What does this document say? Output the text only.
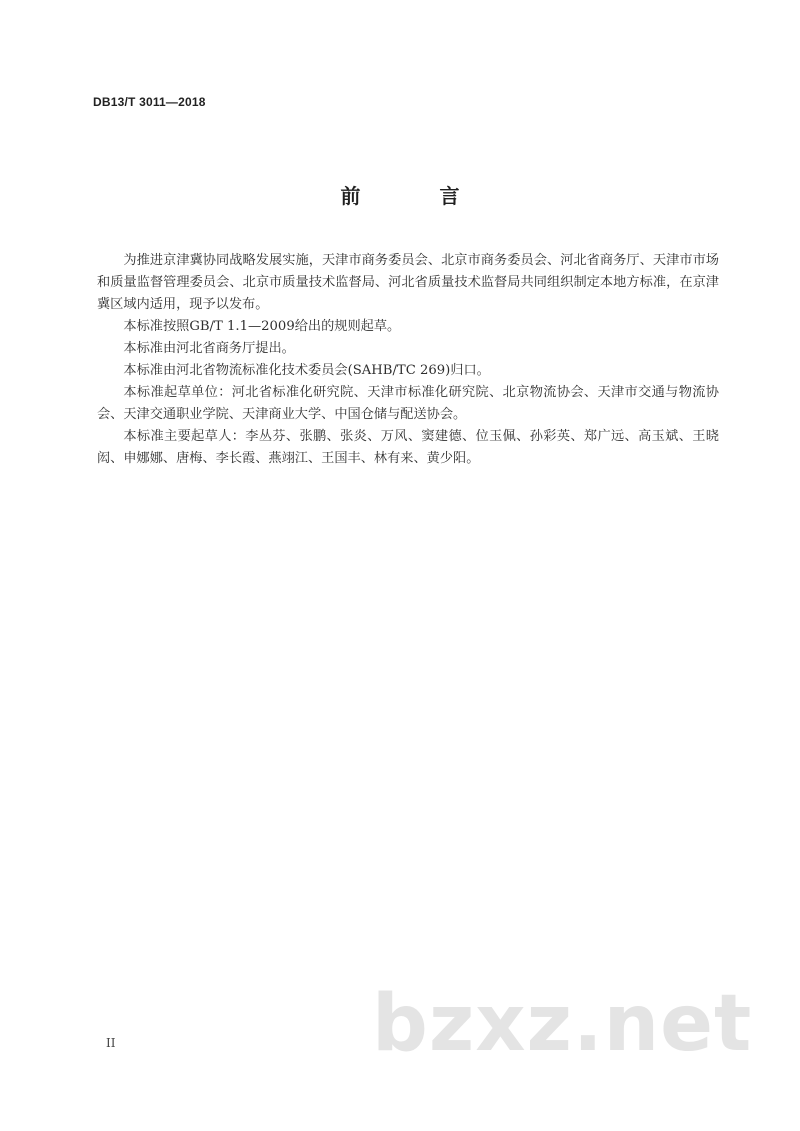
DB13/T 3011—2018
前 言

为推进京津冀协同战略发展实施，天津市商务委员会、北京市商务委员会、河北省商务厅、天津市市场和质量监督管理委员会、北京市质量技术监督局、河北省质量技术监督局共同组织制定本地方标准，在京津冀区域内适用，现予以发布。

本标准按照GB/T 1.1—2009给出的规则起草。

本标准由河北省商务厅提出。

本标准由河北省物流标准化技术委员会(SAHB/TC 269)归口。

本标准起草单位：河北省标准化研究院、天津市标准化研究院、北京物流协会、天津市交通与物流协会、天津交通职业学院、天津商业大学、中国仓储与配送协会。

本标准主要起草人：李丛芬、张鹏、张炎、万风、窦建德、位玉佩、孙彩英、郑广远、高玉斌、王晓闳、申娜娜、唐梅、李长霞、燕翊江、王国丰、林有来、黄少阳。

II	bzxz.net
